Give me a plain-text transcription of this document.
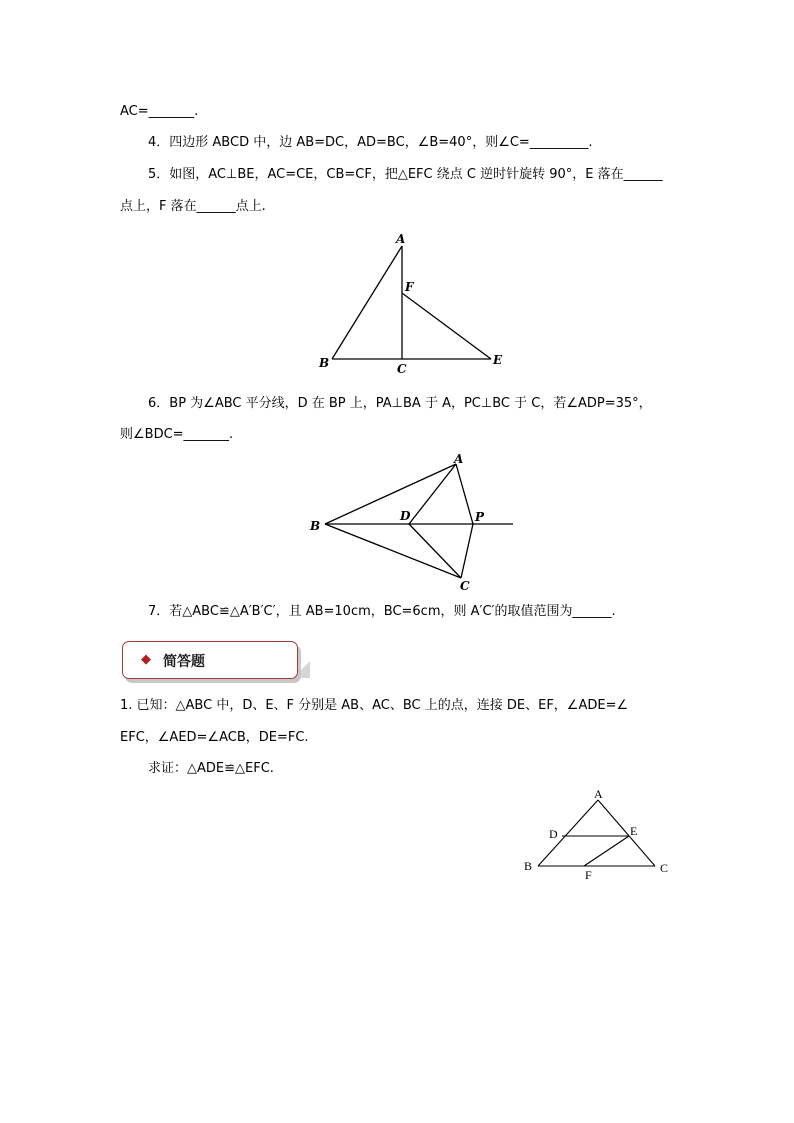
AC=_______.
4．四边形 ABCD 中，边 AB=DC，AD=BC，∠B=40°，则∠C=_________.
5．如图，AC⊥BE，AC=CE，CB=CF，把△EFC 绕点 C 逆时针旋转 90°，E 落在______
点上，F 落在______点上.
A
F
B	C
E
6．BP 为∠ABC 平分线，D 在 BP 上，PA⊥BA 于 A，PC⊥BC 于 C，若∠ADP=35°，
则∠BDC=_______.
A
B
D	P
C
7．若△ABC≌△A′B′C′，且 AB=10cm，BC=6cm，则 A′C′的取值范围为______.
◆ 简答题
1. 已知：△ABC 中，D、E、F 分别是 AB、AC、BC 上的点，连接 DE、EF，∠ADE=∠
EFC，∠AED=∠ACB，DE=FC.
求证：△ADE≌△EFC.
A
D	E
B
F	C
